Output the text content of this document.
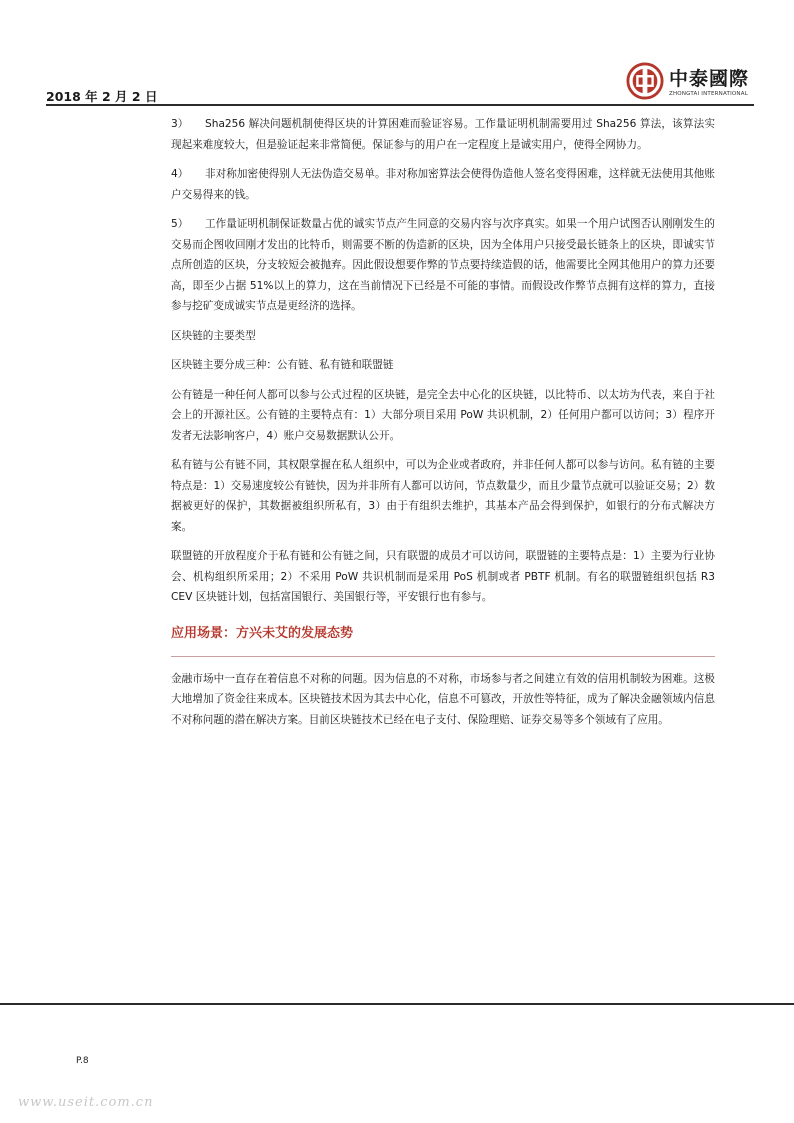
2018 年 2 月 2 日
中泰國際
ZHONGTAI INTERNATIONAL

3） Sha256 解决问题机制使得区块的计算困难而验证容易。工作量证明机制需要用过 Sha256 算法，该算法实现起来难度较大，但是验证起来非常简便。保证参与的用户在一定程度上是诚实用户，使得全网协力。

4） 非对称加密使得别人无法伪造交易单。非对称加密算法会使得伪造他人签名变得困难，这样就无法使用其他账户交易得来的钱。

5） 工作量证明机制保证数量占优的诚实节点产生同意的交易内容与次序真实。如果一个用户试图否认刚刚发生的交易而企图收回刚才发出的比特币，则需要不断的伪造新的区块，因为全体用户只接受最长链条上的区块，即诚实节点所创造的区块，分支较短会被抛弃。因此假设想要作弊的节点要持续造假的话，他需要比全网其他用户的算力还要高，即至少占据 51%以上的算力，这在当前情况下已经是不可能的事情。而假设改作弊节点拥有这样的算力，直接参与挖矿变成诚实节点是更经济的选择。

区块链的主要类型

区块链主要分成三种：公有链、私有链和联盟链

公有链是一种任何人都可以参与公式过程的区块链，是完全去中心化的区块链，以比特币、以太坊为代表，来自于社会上的开源社区。公有链的主要特点有：1）大部分项目采用 PoW 共识机制，2）任何用户都可以访问；3）程序开发者无法影响客户，4）账户交易数据默认公开。

私有链与公有链不同，其权限掌握在私人组织中，可以为企业或者政府，并非任何人都可以参与访问。私有链的主要特点是：1）交易速度较公有链快，因为并非所有人都可以访问，节点数量少，而且少量节点就可以验证交易；2）数据被更好的保护，其数据被组织所私有，3）由于有组织去维护，其基本产品会得到保护，如银行的分布式解决方案。

联盟链的开放程度介于私有链和公有链之间，只有联盟的成员才可以访问，联盟链的主要特点是：1）主要为行业协会、机构组织所采用；2）不采用 PoW 共识机制而是采用 PoS 机制或者 PBTF 机制。有名的联盟链组织包括 R3 CEV 区块链计划，包括富国银行、美国银行等，平安银行也有参与。

应用场景：方兴未艾的发展态势

金融市场中一直存在着信息不对称的问题。因为信息的不对称，市场参与者之间建立有效的信用机制较为困难。这极大地增加了资金往来成本。区块链技术因为其去中心化，信息不可篡改，开放性等特征，成为了解决金融领域内信息不对称问题的潜在解决方案。目前区块链技术已经在电子支付、保险理赔、证券交易等多个领域有了应用。

P.8
www.useit.com.cn
